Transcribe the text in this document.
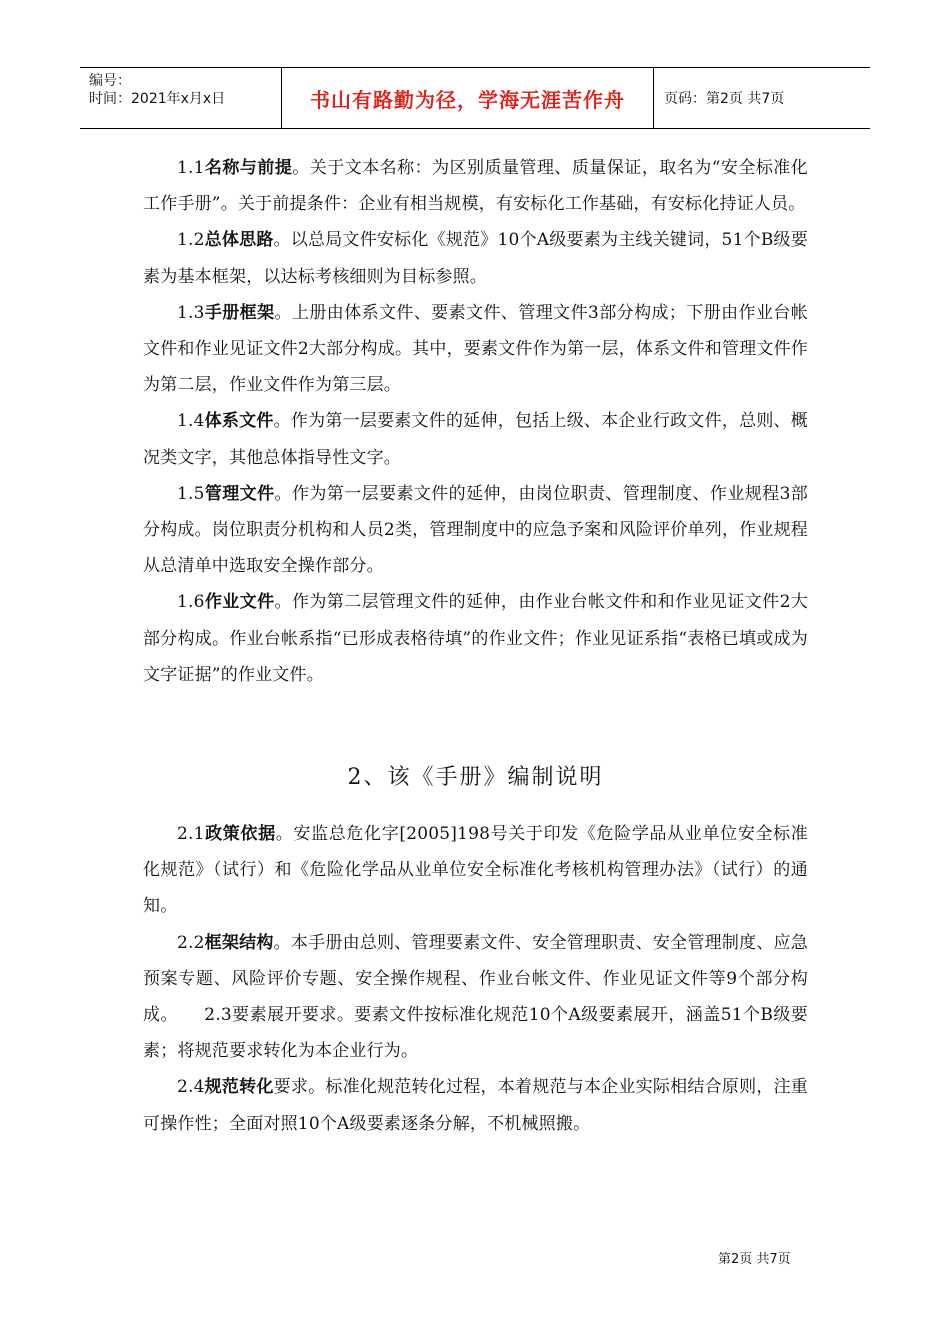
编号：
时间：2021年x月x日	书山有路勤为径，学海无涯苦作舟	页码：第2页 共7页

1.1名称与前提。关于文本名称：为区别质量管理、质量保证，取名为“安全标准化工作手册”。关于前提条件：企业有相当规模，有安标化工作基础，有安标化持证人员。

1.2总体思路。以总局文件安标化《规范》10个A级要素为主线关键词，51个B级要素为基本框架，以达标考核细则为目标参照。

1.3手册框架。上册由体系文件、要素文件、管理文件3部分构成；下册由作业台帐文件和作业见证文件2大部分构成。其中，要素文件作为第一层，体系文件和管理文件作为第二层，作业文件作为第三层。

1.4体系文件。作为第一层要素文件的延伸，包括上级、本企业行政文件，总则、概况类文字，其他总体指导性文字。

1.5管理文件。作为第一层要素文件的延伸，由岗位职责、管理制度、作业规程3部分构成。岗位职责分机构和人员2类，管理制度中的应急予案和风险评价单列，作业规程从总清单中选取安全操作部分。

1.6作业文件。作为第二层管理文件的延伸，由作业台帐文件和和作业见证文件2大部分构成。作业台帐系指“已形成表格待填”的作业文件；作业见证系指“表格已填或成为文字证据”的作业文件。

2、该《手册》编制说明

2.1政策依据。安监总危化字[2005]198号关于印发《危险学品从业单位安全标准化规范》（试行）和《危险化学品从业单位安全标准化考核机构管理办法》（试行）的通知。

2.2框架结构。本手册由总则、管理要素文件、安全管理职责、安全管理制度、应急预案专题、风险评价专题、安全操作规程、作业台帐文件、作业见证文件等9个部分构成。　　2.3要素展开要求。要素文件按标准化规范10个A级要素展开，涵盖51个B级要素；将规范要求转化为本企业行为。

2.4规范转化要求。标准化规范转化过程，本着规范与本企业实际相结合原则，注重可操作性；全面对照10个A级要素逐条分解，不机械照搬。

第2页 共7页
